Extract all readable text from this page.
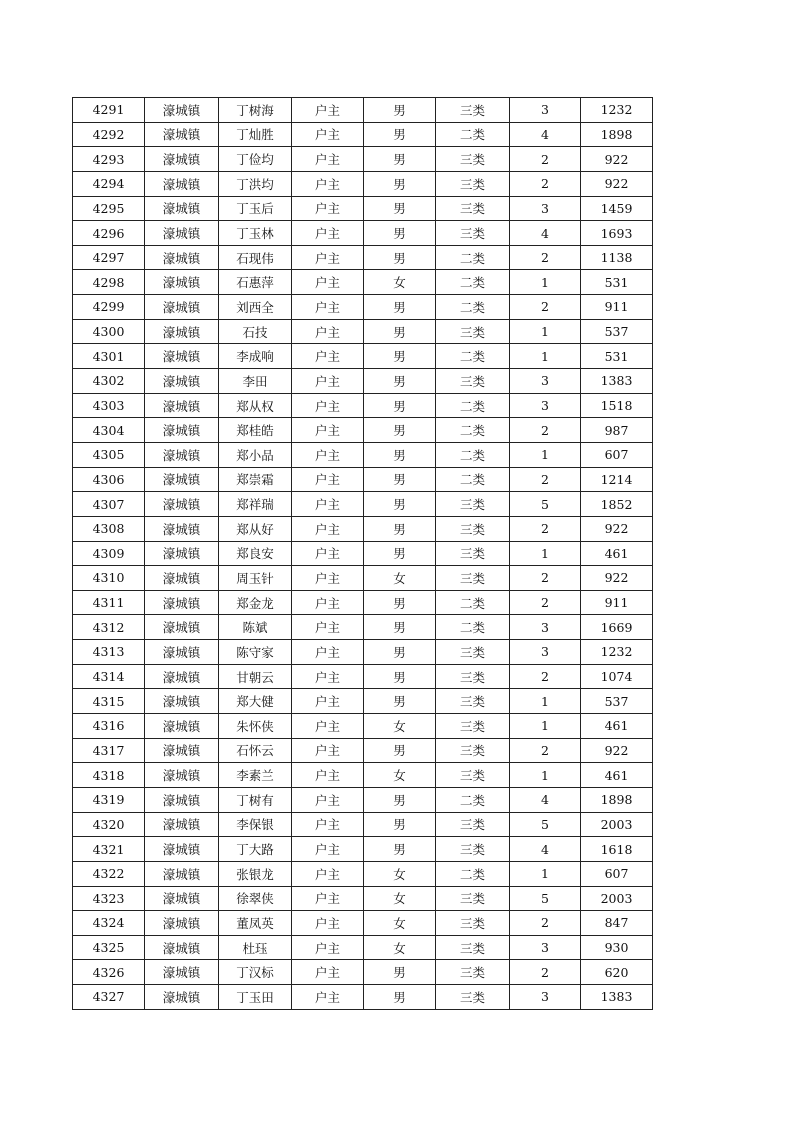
4291	濠城镇	丁树海	户主	男	三类	3	1232
4292	濠城镇	丁灿胜	户主	男	二类	4	1898
4293	濠城镇	丁俭均	户主	男	三类	2	922
4294	濠城镇	丁洪均	户主	男	三类	2	922
4295	濠城镇	丁玉后	户主	男	三类	3	1459
4296	濠城镇	丁玉林	户主	男	三类	4	1693
4297	濠城镇	石现伟	户主	男	二类	2	1138
4298	濠城镇	石惠萍	户主	女	二类	1	531
4299	濠城镇	刘西全	户主	男	二类	2	911
4300	濠城镇	石技	户主	男	三类	1	537
4301	濠城镇	李成响	户主	男	二类	1	531
4302	濠城镇	李田	户主	男	三类	3	1383
4303	濠城镇	郑从权	户主	男	二类	3	1518
4304	濠城镇	郑桂皓	户主	男	二类	2	987
4305	濠城镇	郑小品	户主	男	二类	1	607
4306	濠城镇	郑崇霜	户主	男	二类	2	1214
4307	濠城镇	郑祥瑞	户主	男	三类	5	1852
4308	濠城镇	郑从好	户主	男	三类	2	922
4309	濠城镇	郑良安	户主	男	三类	1	461
4310	濠城镇	周玉针	户主	女	三类	2	922
4311	濠城镇	郑金龙	户主	男	二类	2	911
4312	濠城镇	陈斌	户主	男	二类	3	1669
4313	濠城镇	陈守家	户主	男	三类	3	1232
4314	濠城镇	甘朝云	户主	男	三类	2	1074
4315	濠城镇	郑大健	户主	男	三类	1	537
4316	濠城镇	朱怀侠	户主	女	三类	1	461
4317	濠城镇	石怀云	户主	男	三类	2	922
4318	濠城镇	李素兰	户主	女	三类	1	461
4319	濠城镇	丁树有	户主	男	二类	4	1898
4320	濠城镇	李保银	户主	男	三类	5	2003
4321	濠城镇	丁大路	户主	男	三类	4	1618
4322	濠城镇	张银龙	户主	女	二类	1	607
4323	濠城镇	徐翠侠	户主	女	三类	5	2003
4324	濠城镇	董凤英	户主	女	三类	2	847
4325	濠城镇	杜珏	户主	女	三类	3	930
4326	濠城镇	丁汉标	户主	男	三类	2	620
4327	濠城镇	丁玉田	户主	男	三类	3	1383
